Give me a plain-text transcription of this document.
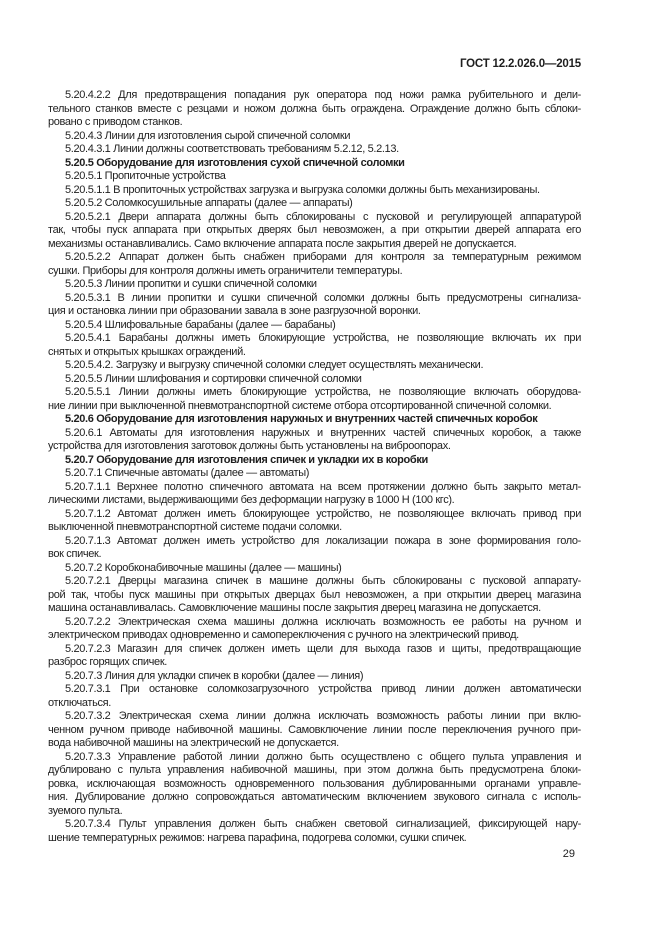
ГОСТ 12.2.026.0—2015
5.20.4.2.2 Для предотвращения попадания рук оператора под ножи рамка рубительного и дели-
тельного станков вместе с резцами и ножом должна быть ограждена. Ограждение должно быть сблоки-
ровано с приводом станков.
5.20.4.3 Линии для изготовления сырой спичечной соломки
5.20.4.3.1 Линии должны соответствовать требованиям 5.2.12, 5.2.13.
5.20.5 Оборудование для изготовления сухой спичечной соломки
5.20.5.1 Пропиточные устройства
5.20.5.1.1 В пропиточных устройствах загрузка и выгрузка соломки должны быть механизированы.
5.20.5.2 Соломкосушильные аппараты (далее — аппараты)
5.20.5.2.1 Двери аппарата должны быть сблокированы с пусковой и регулирующей аппаратурой
так, чтобы пуск аппарата при открытых дверях был невозможен, а при открытии дверей аппарата его
механизмы останавливались. Само включение аппарата после закрытия дверей не допускается.
5.20.5.2.2 Аппарат должен быть снабжен приборами для контроля за температурным режимом
сушки. Приборы для контроля должны иметь ограничители температуры.
5.20.5.3 Линии пропитки и сушки спичечной соломки
5.20.5.3.1 В линии пропитки и сушки спичечной соломки должны быть предусмотрены сигнализа-
ция и остановка линии при образовании завала в зоне разгрузочной воронки.
5.20.5.4 Шлифовальные барабаны (далее — барабаны)
5.20.5.4.1 Барабаны должны иметь блокирующие устройства, не позволяющие включать их при
снятых и открытых крышках ограждений.
5.20.5.4.2. Загрузку и выгрузку спичечной соломки следует осуществлять механически.
5.20.5.5 Линии шлифования и сортировки спичечной соломки
5.20.5.5.1 Линии должны иметь блокирующие устройства, не позволяющие включать оборудова-
ние линии при выключенной пневмотранспортной системе отбора отсортированной спичечной соломки.
5.20.6 Оборудование для изготовления наружных и внутренних частей спичечных коробок
5.20.6.1 Автоматы для изготовления наружных и внутренних частей спичечных коробок, а также
устройства для изготовления заготовок должны быть установлены на виброопорах.
5.20.7 Оборудование для изготовления спичек и укладки их в коробки
5.20.7.1 Спичечные автоматы (далее — автоматы)
5.20.7.1.1 Верхнее полотно спичечного автомата на всем протяжении должно быть закрыто метал-
лическими листами, выдерживающими без деформации нагрузку в 1000 Н (100 кгс).
5.20.7.1.2 Автомат должен иметь блокирующее устройство, не позволяющее включать привод при
выключенной пневмотранспортной системе подачи соломки.
5.20.7.1.3 Автомат должен иметь устройство для локализации пожара в зоне формирования голо-
вок спичек.
5.20.7.2 Коробконабивочные машины (далее — машины)
5.20.7.2.1 Дверцы магазина спичек в машине должны быть сблокированы с пусковой аппарату-
рой так, чтобы пуск машины при открытых дверцах был невозможен, а при открытии дверец магазина
машина останавливалась. Самовключение машины после закрытия дверец магазина не допускается.
5.20.7.2.2 Электрическая схема машины должна исключать возможность ее работы на ручном и
электрическом приводах одновременно и самопереключения с ручного на электрический привод.
5.20.7.2.3 Магазин для спичек должен иметь щели для выхода газов и щиты, предотвращающие
разброс горящих спичек.
5.20.7.3 Линия для укладки спичек в коробки (далее — линия)
5.20.7.3.1 При остановке соломкозагрузочного устройства привод линии должен автоматически
отключаться.
5.20.7.3.2 Электрическая схема линии должна исключать возможность работы линии при вклю-
ченном ручном приводе набивочной машины. Самовключение линии после переключения ручного при-
вода набивочной машины на электрический не допускается.
5.20.7.3.3 Управление работой линии должно быть осуществлено с общего пульта управления и
дублировано с пульта управления набивочной машины, при этом должна быть предусмотрена блоки-
ровка, исключающая возможность одновременного пользования дублированными органами управле-
ния. Дублирование должно сопровождаться автоматическим включением звукового сигнала с исполь-
зуемого пульта.
5.20.7.3.4 Пульт управления должен быть снабжен световой сигнализацией, фиксирующей нару-
шение температурных режимов: нагрева парафина, подогрева соломки, сушки спичек.
29
